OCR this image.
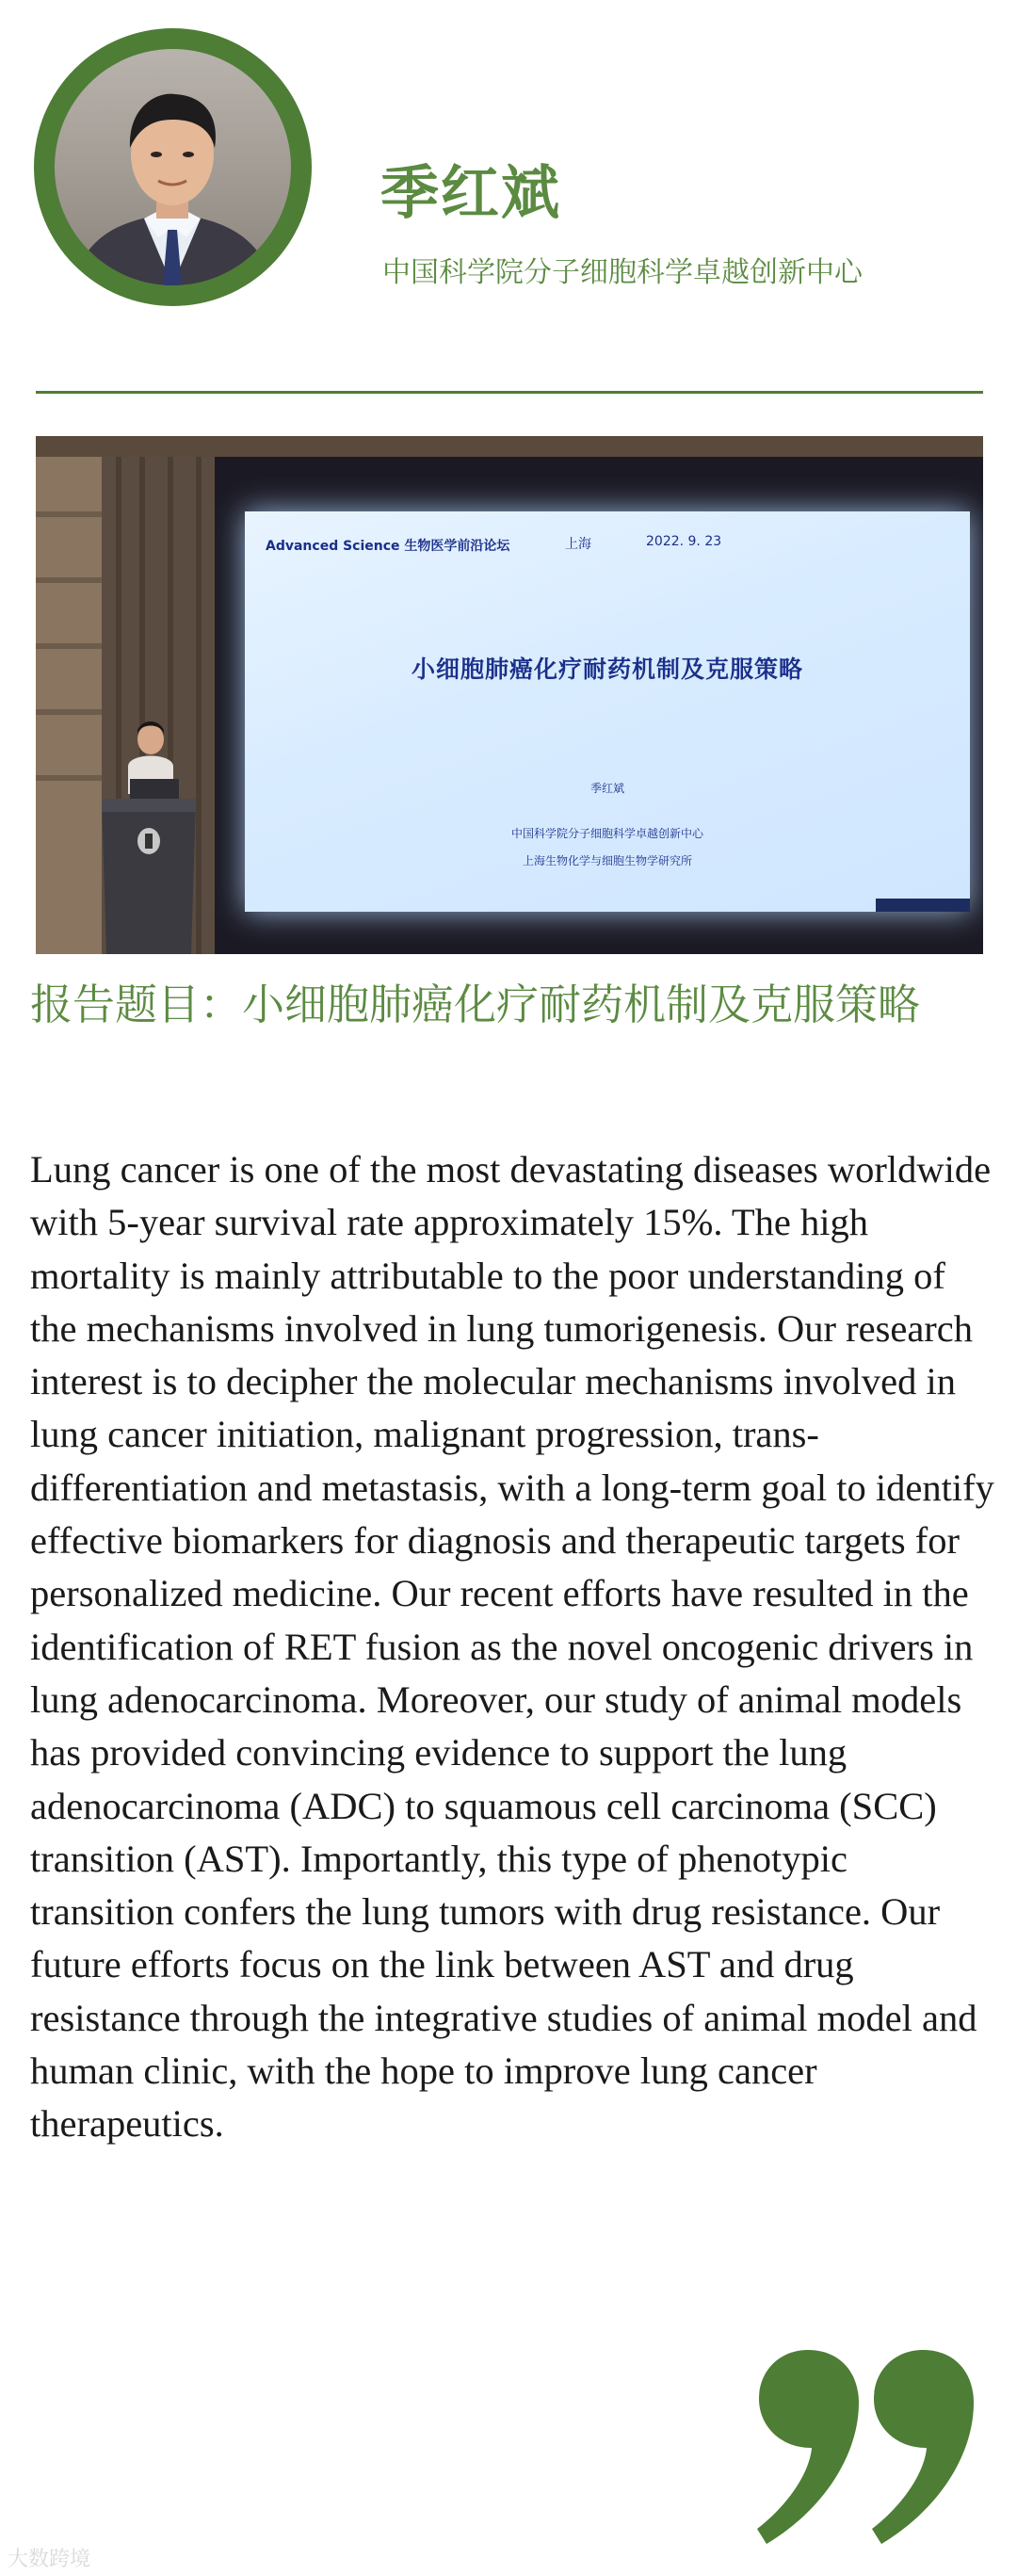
季红斌
中国科学院分子细胞科学卓越创新中心
Advanced Science 生物医学前沿论坛	上海	2022. 9. 23
小细胞肺癌化疗耐药机制及克服策略
季红斌
中国科学院分子细胞科学卓越创新中心
上海生物化学与细胞生物学研究所
报告题目：小细胞肺癌化疗耐药机制及克服策略

Lung cancer is one of the most devastating diseases worldwide with 5-year survival rate approximately 15%. The high mortality is mainly attributable to the poor understanding of the mechanisms involved in lung tumorigenesis. Our research interest is to decipher the molecular mechanisms involved in lung cancer initiation, malignant progression, trans-differentiation and metastasis, with a long-term goal to identify effective biomarkers for diagnosis and therapeutic targets for personalized medicine. Our recent efforts have resulted in the identification of RET fusion as the novel oncogenic drivers in lung adenocarcinoma. Moreover, our study of animal models has provided convincing evidence to support the lung adenocarcinoma (ADC) to squamous cell carcinoma (SCC) transition (AST). Importantly, this type of phenotypic transition confers the lung tumors with drug resistance. Our future efforts focus on the link between AST and drug resistance through the integrative studies of animal model and human clinic, with the hope to improve lung cancer therapeutics.

大数跨境
